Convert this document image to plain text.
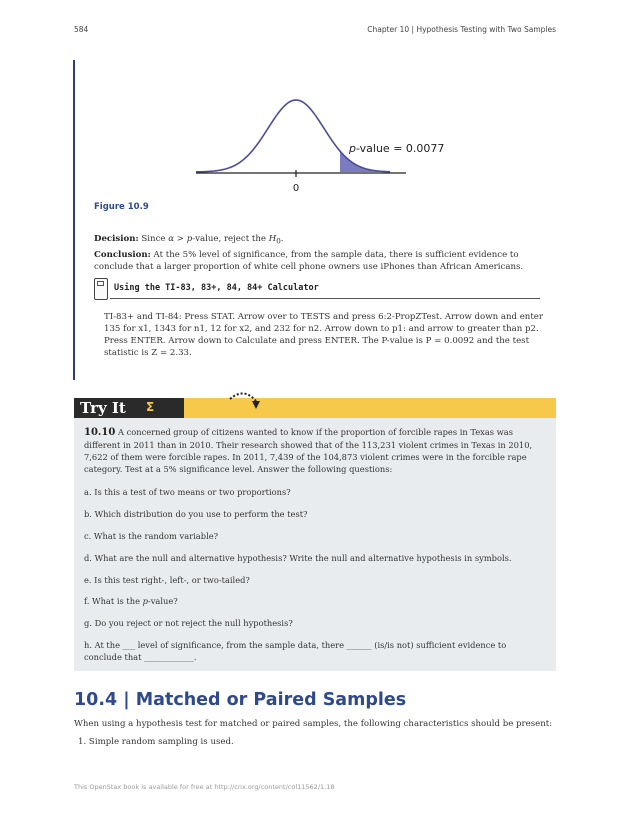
584	Chapter 10 | Hypothesis Testing with Two Samples
0
p-value = 0.0077
Figure 10.9
Decision: Since α > p-value, reject the $H_0$.
Conclusion: At the 5% level of significance, from the sample data, there is sufficient evidence to conclude that a larger proportion of white cell phone owners use iPhones than African Americans.
Using the TI-83, 83+, 84, 84+ Calculator
TI-83+ and TI-84: Press STAT. Arrow over to TESTS and press 6:2-PropZTest. Arrow down and enter 135 for x1, 1343 for n1, 12 for x2, and 232 for n2. Arrow down to p1: and arrow to greater than p2. Press ENTER. Arrow down to Calculate and press ENTER. The P-value is P = 0.0092 and the test statistic is Z = 2.33.
Try It Σ
10.10 A concerned group of citizens wanted to know if the proportion of forcible rapes in Texas was different in 2011 than in 2010. Their research showed that of the 113,231 violent crimes in Texas in 2010, 7,622 of them were forcible rapes. In 2011, 7,439 of the 104,873 violent crimes were in the forcible rape category. Test at a 5% significance level. Answer the following questions:
a. Is this a test of two means or two proportions?
b. Which distribution do you use to perform the test?
c. What is the random variable?
d. What are the null and alternative hypothesis? Write the null and alternative hypothesis in symbols.
e. Is this test right-, left-, or two-tailed?
f. What is the p-value?
g. Do you reject or not reject the null hypothesis?
h. At the ___ level of significance, from the sample data, there ______ (is/is not) sufficient evidence to conclude that ____________.
10.4 | Matched or Paired Samples
When using a hypothesis test for matched or paired samples, the following characteristics should be present:
1. Simple random sampling is used.
This OpenStax book is available for free at http://cnx.org/content/col11562/1.18
